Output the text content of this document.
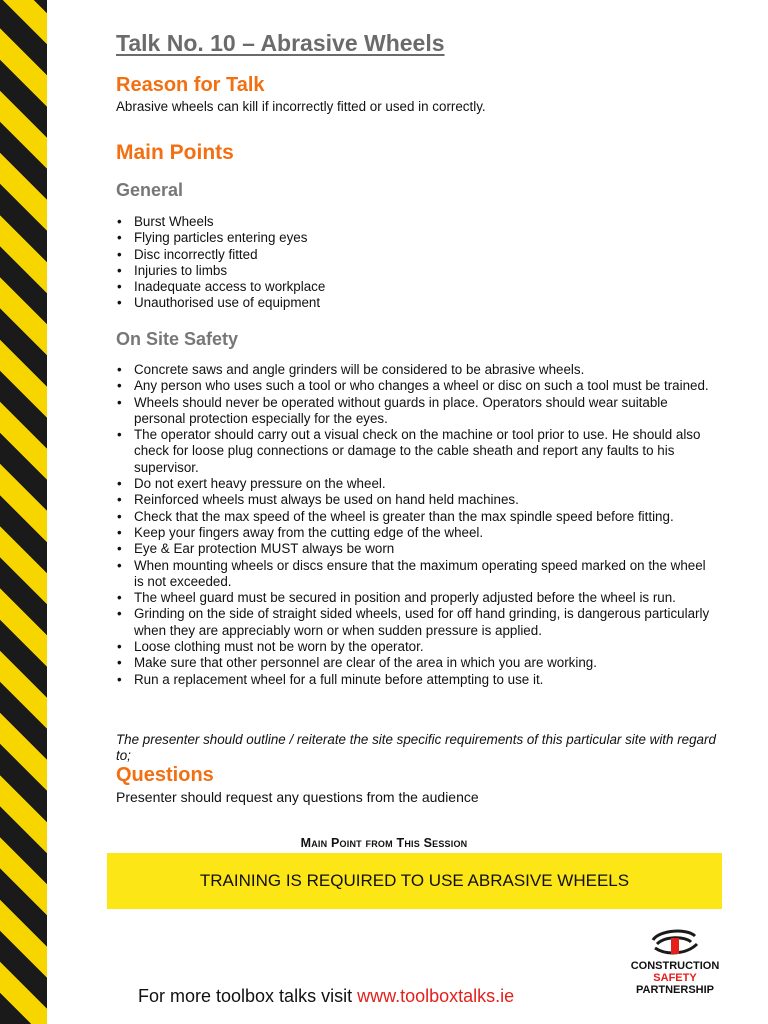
Talk No. 10 – Abrasive Wheels
Reason for Talk

Abrasive wheels can kill if incorrectly fitted or used in correctly.

Main Points
General
• Burst Wheels
• Flying particles entering eyes
• Disc incorrectly fitted
• Injuries to limbs
• Inadequate access to workplace
• Unauthorised use of equipment
On Site Safety
• Concrete saws and angle grinders will be considered to be abrasive wheels.
• Any person who uses such a tool or who changes a wheel or disc on such a tool must be trained.
• Wheels should never be operated without guards in place. Operators should wear suitable personal protection especially for the eyes.
• The operator should carry out a visual check on the machine or tool prior to use. He should also check for loose plug connections or damage to the cable sheath and report any faults to his supervisor.
• Do not exert heavy pressure on the wheel.
• Reinforced wheels must always be used on hand held machines.
• Check that the max speed of the wheel is greater than the max spindle speed before fitting.
• Keep your fingers away from the cutting edge of the wheel.
• Eye & Ear protection MUST always be worn
• When mounting wheels or discs ensure that the maximum operating speed marked on the wheel is not exceeded.
• The wheel guard must be secured in position and properly adjusted before the wheel is run.
• Grinding on the side of straight sided wheels, used for off hand grinding, is dangerous particularly when they are appreciably worn or when sudden pressure is applied.
• Loose clothing must not be worn by the operator.
• Make sure that other personnel are clear of the area in which you are working.
• Run a replacement wheel for a full minute before attempting to use it.

The presenter should outline / reiterate the site specific requirements of this particular site with regard to;

Questions

Presenter should request any questions from the audience

Main Point from This Session
TRAINING IS REQUIRED TO USE ABRASIVE WHEELS
CONSTRUCTION
SAFETY
PARTNERSHIP
For more toolbox talks visit www.toolboxtalks.ie
